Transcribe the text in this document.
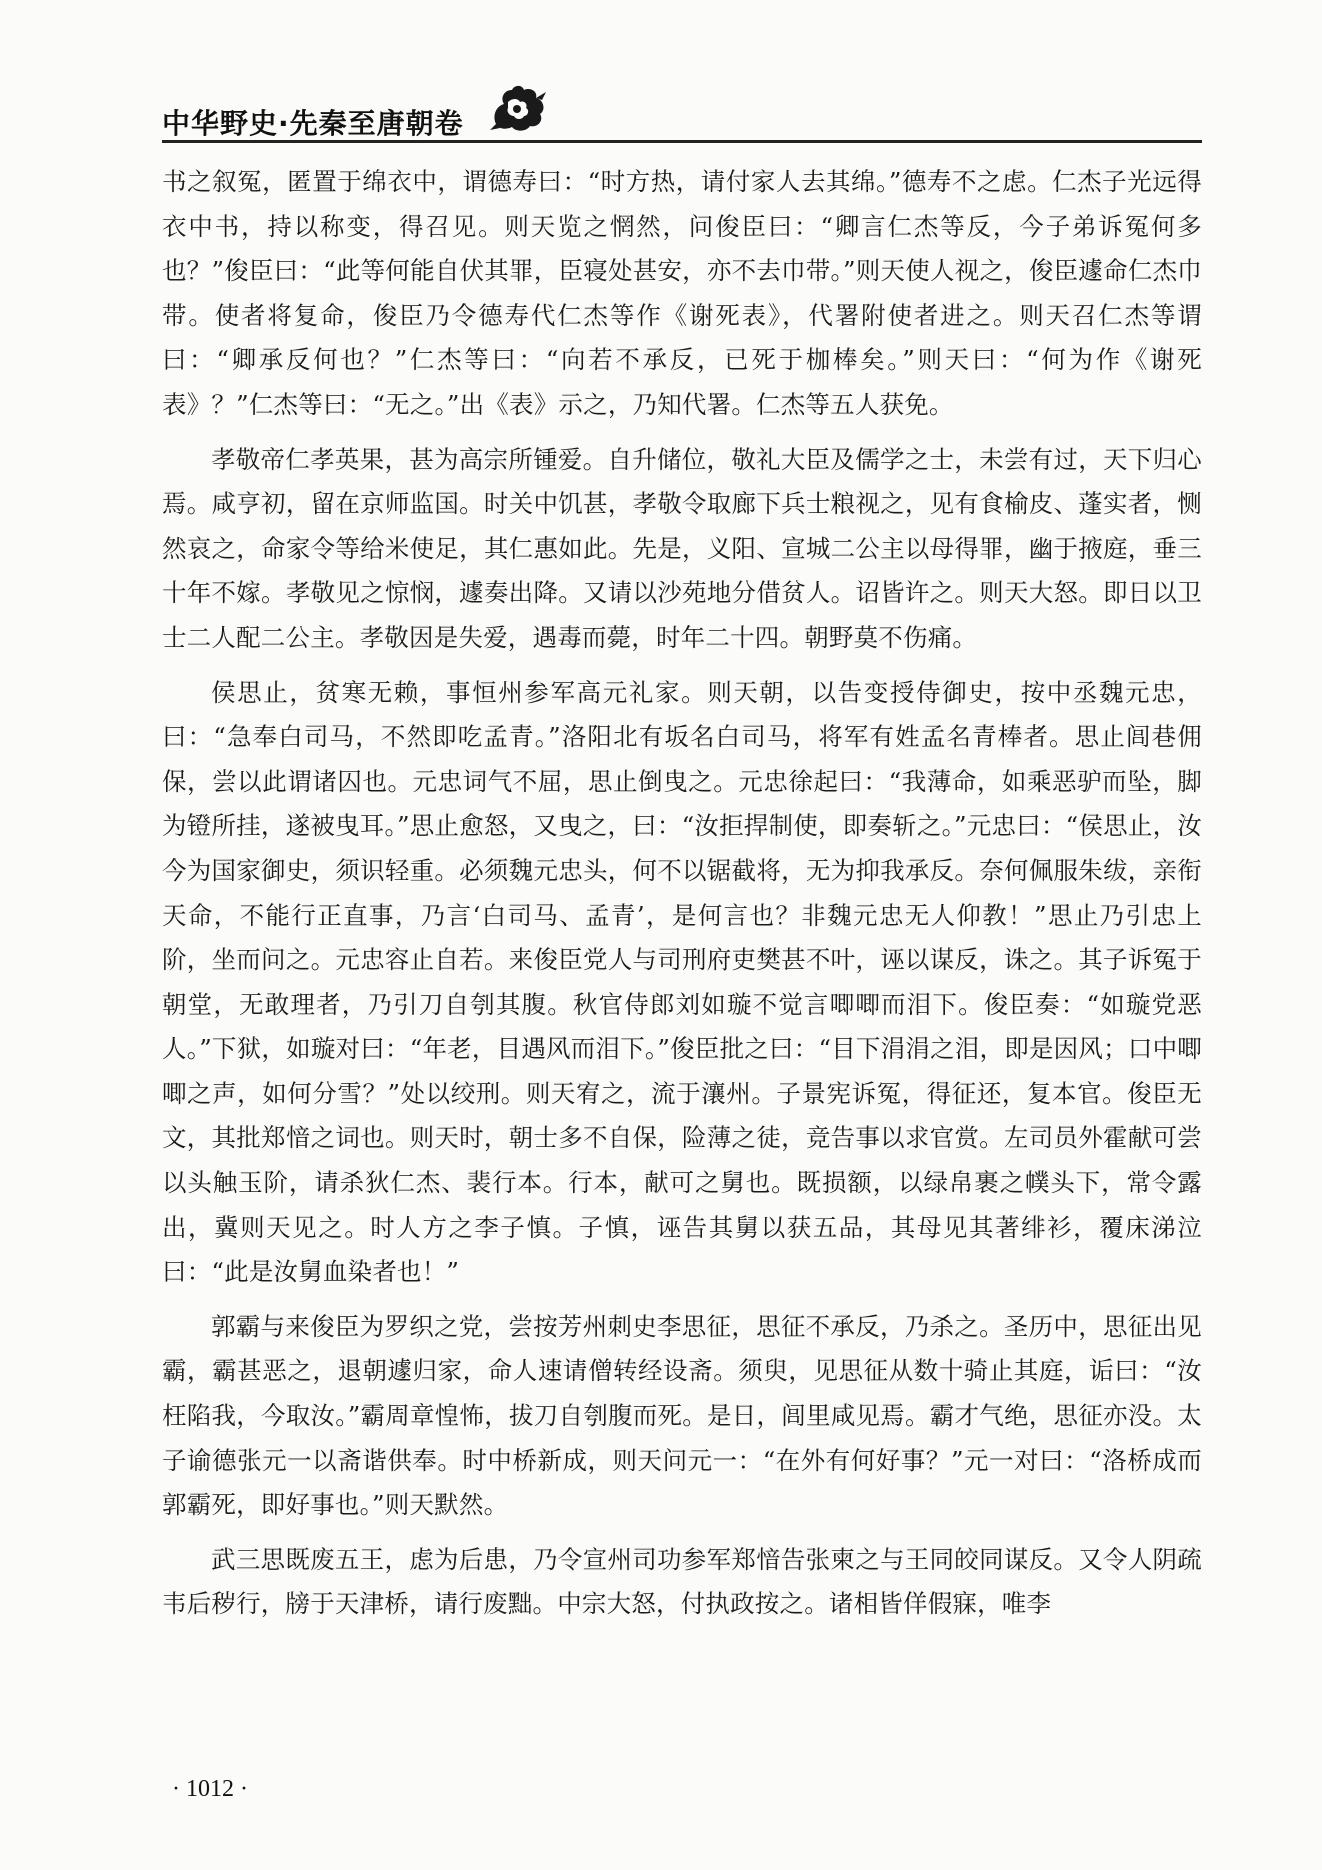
中华野史·先秦至唐朝卷

书之叙冤，匿置于绵衣中，谓德寿曰：“时方热，请付家人去其绵。”德寿不之虑。仁杰子光远得衣中书，持以称变，得召见。则天览之惘然，问俊臣曰：“卿言仁杰等反，今子弟诉冤何多也？”俊臣曰：“此等何能自伏其罪，臣寝处甚安，亦不去巾带。”则天使人视之，俊臣遽命仁杰巾带。使者将复命，俊臣乃令德寿代仁杰等作《谢死表》，代署附使者进之。则天召仁杰等谓曰：“卿承反何也？”仁杰等曰：“向若不承反，已死于枷棒矣。”则天曰：“何为作《谢死表》？”仁杰等曰：“无之。”出《表》示之，乃知代署。仁杰等五人获免。

孝敬帝仁孝英果，甚为高宗所锺爱。自升储位，敬礼大臣及儒学之士，未尝有过，天下归心焉。咸亨初，留在京师监国。时关中饥甚，孝敬令取廊下兵士粮视之，见有食榆皮、蓬实者，恻然哀之，命家令等给米使足，其仁惠如此。先是，义阳、宣城二公主以母得罪，幽于掖庭，垂三十年不嫁。孝敬见之惊悯，遽奏出降。又请以沙苑地分借贫人。诏皆许之。则天大怒。即日以卫士二人配二公主。孝敬因是失爱，遇毒而薨，时年二十四。朝野莫不伤痛。

侯思止，贫寒无赖，事恒州参军高元礼家。则天朝，以告变授侍御史，按中丞魏元忠，曰：“急奉白司马，不然即吃孟青。”洛阳北有坂名白司马，将军有姓孟名青棒者。思止闾巷佣保，尝以此谓诸囚也。元忠词气不屈，思止倒曳之。元忠徐起曰：“我薄命，如乘恶驴而坠，脚为镫所挂，遂被曳耳。”思止愈怒，又曳之，曰：“汝拒捍制使，即奏斩之。”元忠曰：“侯思止，汝今为国家御史，须识轻重。必须魏元忠头，何不以锯截将，无为抑我承反。奈何佩服朱绂，亲衔天命，不能行正直事，乃言‘白司马、孟青’，是何言也？非魏元忠无人仰教！”思止乃引忠上阶，坐而问之。元忠容止自若。来俊臣党人与司刑府吏樊甚不叶，诬以谋反，诛之。其子诉冤于朝堂，无敢理者，乃引刀自刳其腹。秋官侍郎刘如璇不觉言唧唧而泪下。俊臣奏：“如璇党恶人。”下狱，如璇对曰：“年老，目遇风而泪下。”俊臣批之曰：“目下涓涓之泪，即是因风；口中唧唧之声，如何分雪？”处以绞刑。则天宥之，流于瀼州。子景宪诉冤，得征还，复本官。俊臣无文，其批郑愔之词也。则天时，朝士多不自保，险薄之徒，竞告事以求官赏。左司员外霍献可尝以头触玉阶，请杀狄仁杰、裴行本。行本，献可之舅也。既损额，以绿帛裹之幞头下，常令露出，冀则天见之。时人方之李子慎。子慎，诬告其舅以获五品，其母见其著绯衫，覆床涕泣曰：“此是汝舅血染者也！”

郭霸与来俊臣为罗织之党，尝按芳州刺史李思征，思征不承反，乃杀之。圣历中，思征出见霸，霸甚恶之，退朝遽归家，命人速请僧转经设斋。须臾，见思征从数十骑止其庭，诟曰：“汝枉陷我，今取汝。”霸周章惶怖，拔刀自刳腹而死。是日，闾里咸见焉。霸才气绝，思征亦没。太子谕德张元一以斋谐供奉。时中桥新成，则天问元一：“在外有何好事？”元一对曰：“洛桥成而郭霸死，即好事也。”则天默然。

武三思既废五王，虑为后患，乃令宣州司功参军郑愔告张柬之与王同皎同谋反。又令人阴疏韦后秽行，牓于天津桥，请行废黜。中宗大怒，付执政按之。诸相皆佯假寐，唯李

· 1012 ·
